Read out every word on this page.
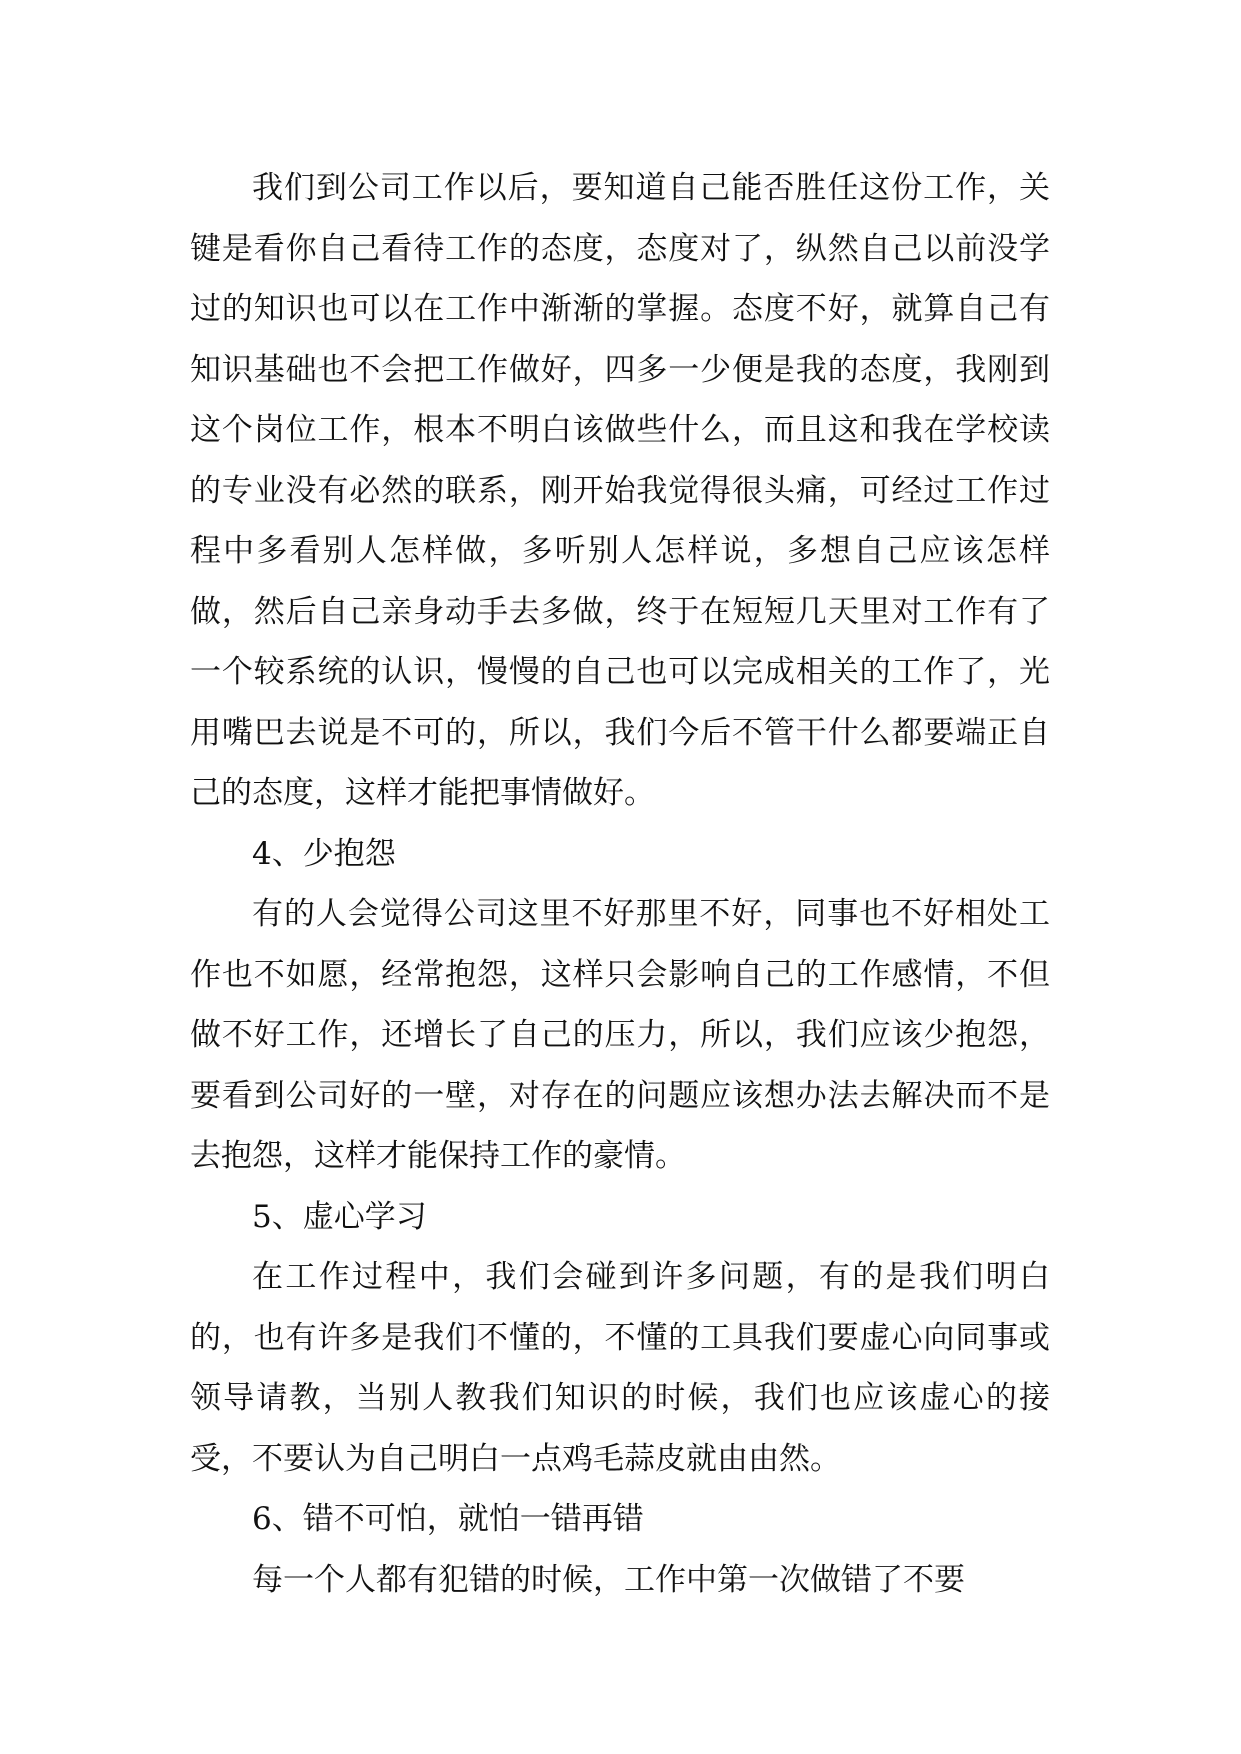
我们到公司工作以后，要知道自己能否胜任这份工作，关键是看你自己看待工作的态度，态度对了，纵然自己以前没学过的知识也可以在工作中渐渐的掌握。态度不好，就算自己有知识基础也不会把工作做好，四多一少便是我的态度，我刚到这个岗位工作，根本不明白该做些什么，而且这和我在学校读的专业没有必然的联系，刚开始我觉得很头痛，可经过工作过程中多看别人怎样做，多听别人怎样说，多想自己应该怎样做，然后自己亲身动手去多做，终于在短短几天里对工作有了一个较系统的认识，慢慢的自己也可以完成相关的工作了，光用嘴巴去说是不可的，所以，我们今后不管干什么都要端正自己的态度，这样才能把事情做好。

4、少抱怨

有的人会觉得公司这里不好那里不好，同事也不好相处工作也不如愿，经常抱怨，这样只会影响自己的工作感情，不但做不好工作，还增长了自己的压力，所以，我们应该少抱怨，要看到公司好的一壁，对存在的问题应该想办法去解决而不是去抱怨，这样才能保持工作的豪情。

5、虚心学习

在工作过程中，我们会碰到许多问题，有的是我们明白的，也有许多是我们不懂的，不懂的工具我们要虚心向同事或领导请教，当别人教我们知识的时候，我们也应该虚心的接受，不要认为自己明白一点鸡毛蒜皮就由由然。

6、错不可怕，就怕一错再错

每一个人都有犯错的时候，工作中第一次做错了不要
